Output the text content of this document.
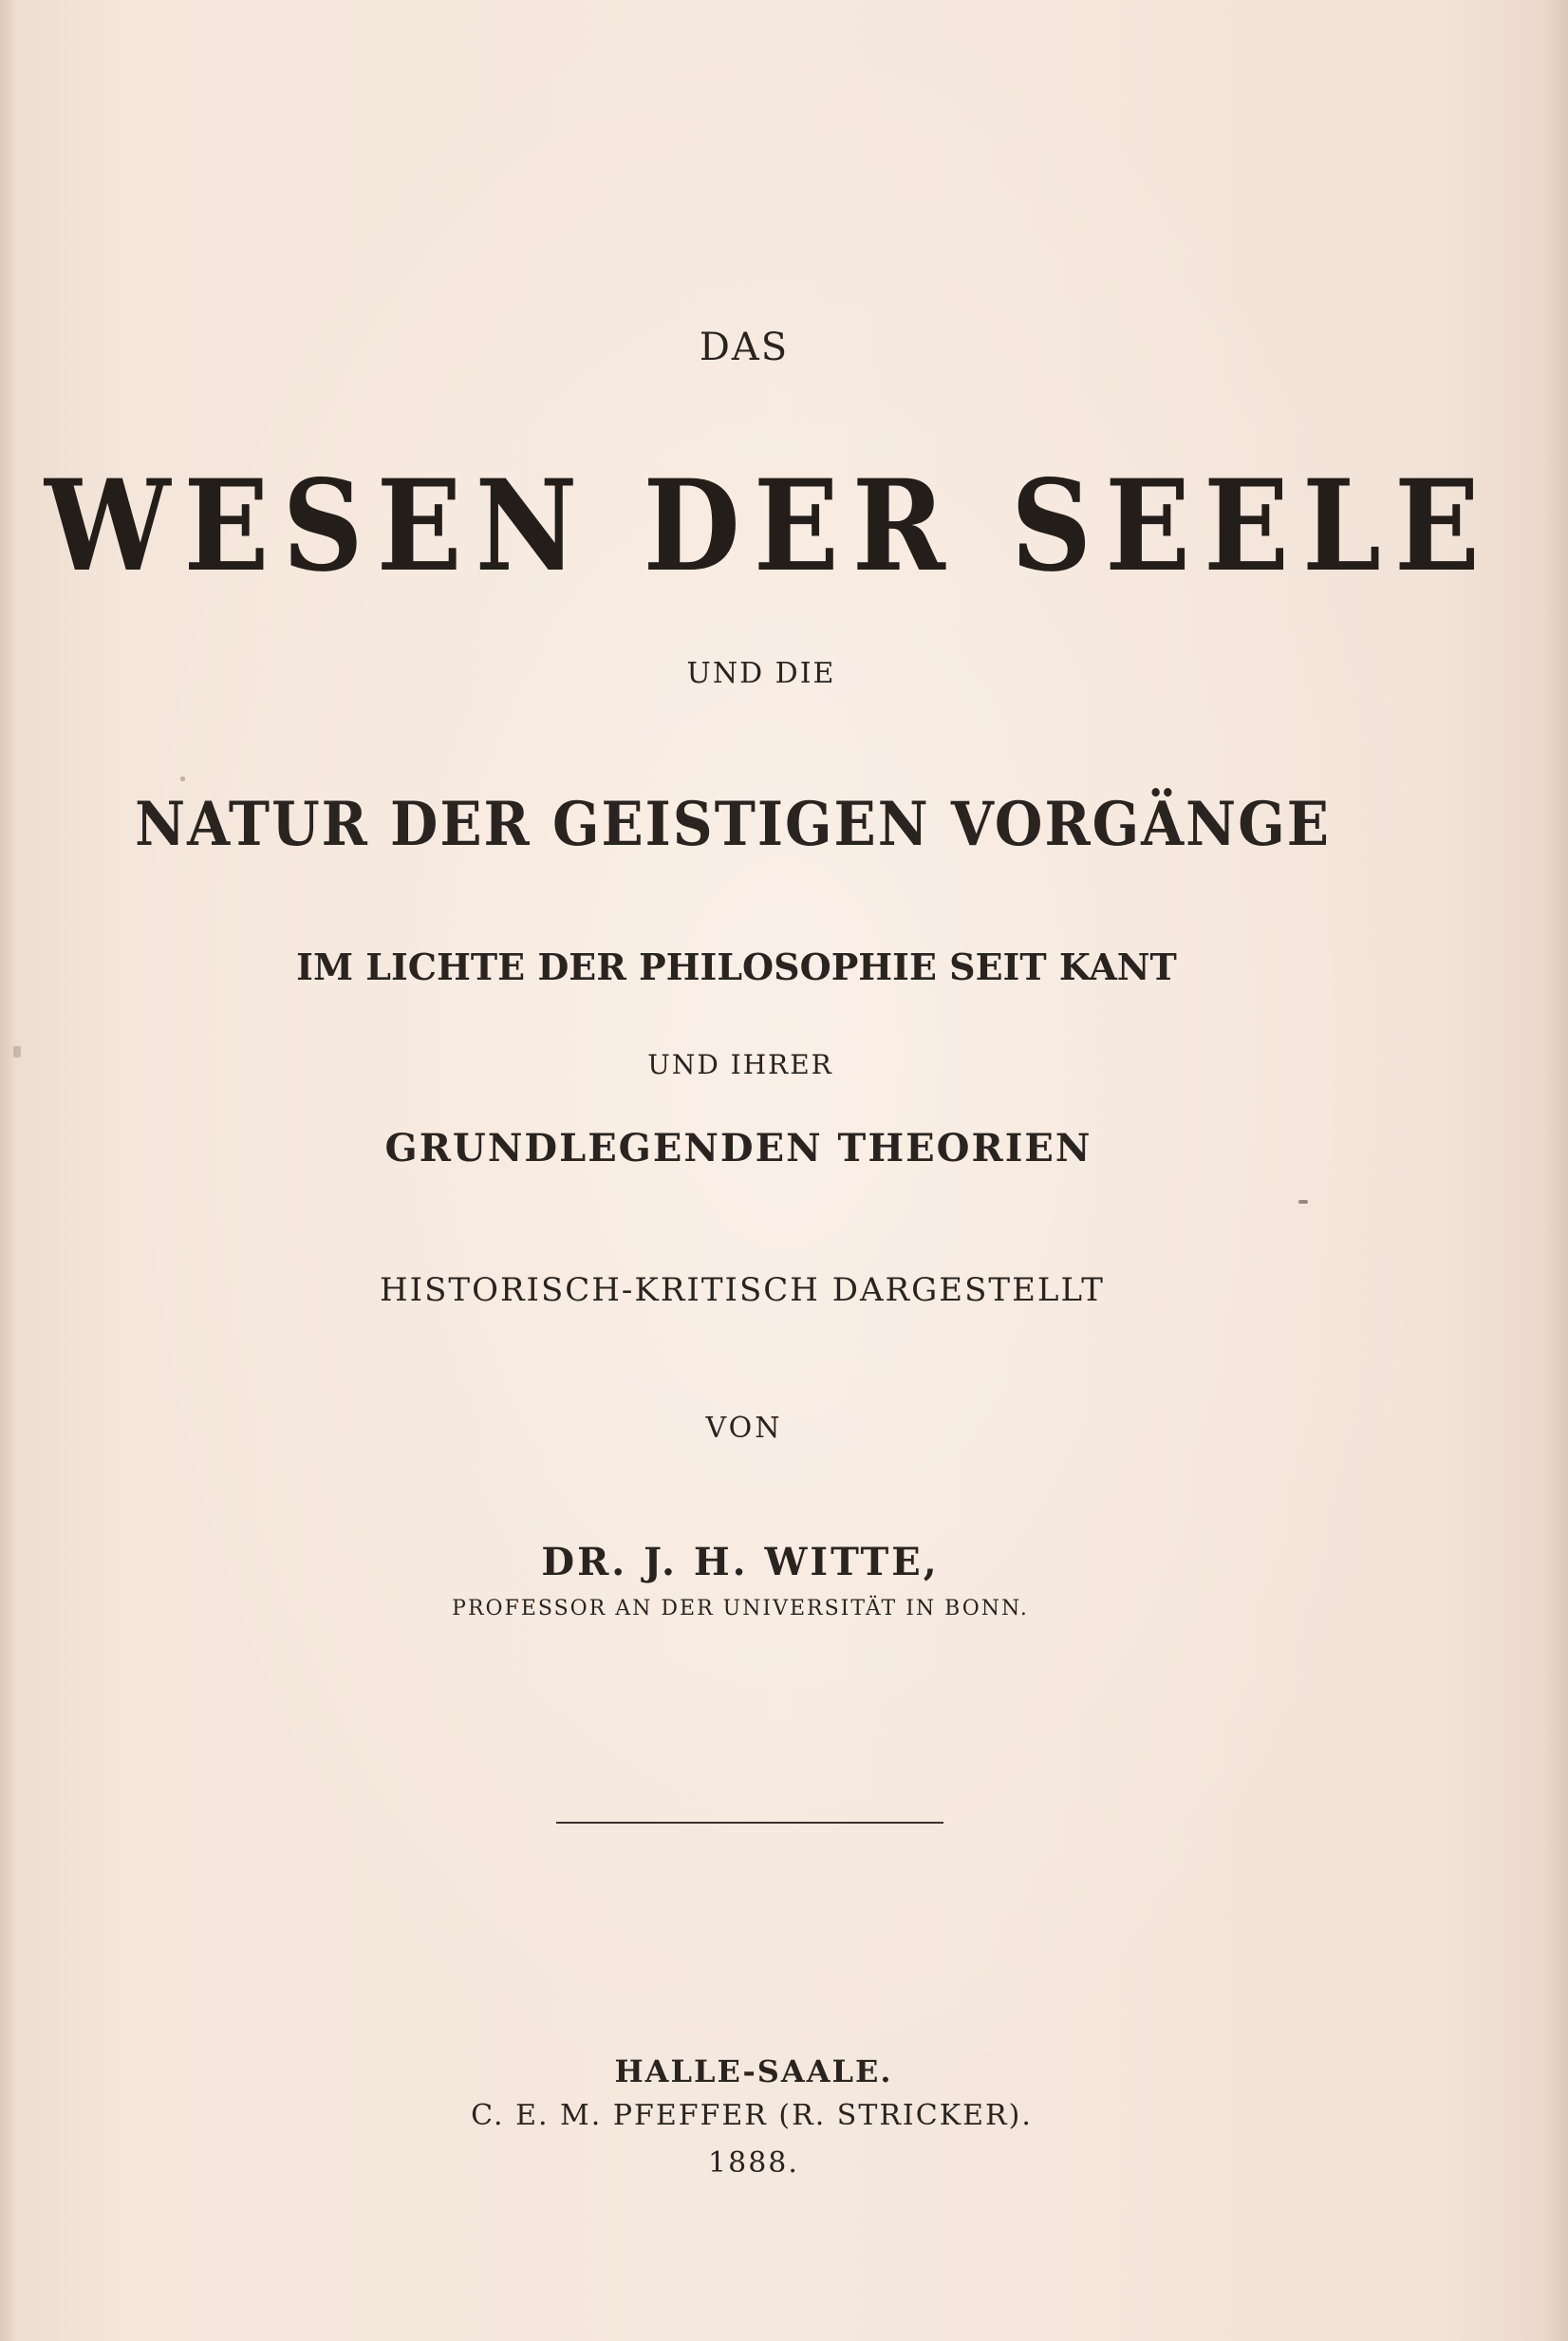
DAS
WESEN DER SEELE
UND DIE
NATUR DER GEISTIGEN VORGÄNGE
IM LICHTE DER PHILOSOPHIE SEIT KANT
UND IHRER
GRUNDLEGENDEN THEORIEN
HISTORISCH-KRITISCH DARGESTELLT
VON
DR. J. H. WITTE,
PROFESSOR AN DER UNIVERSITÄT IN BONN.
HALLE-SAALE.
C. E. M. PFEFFER (R. STRICKER).
1888.
